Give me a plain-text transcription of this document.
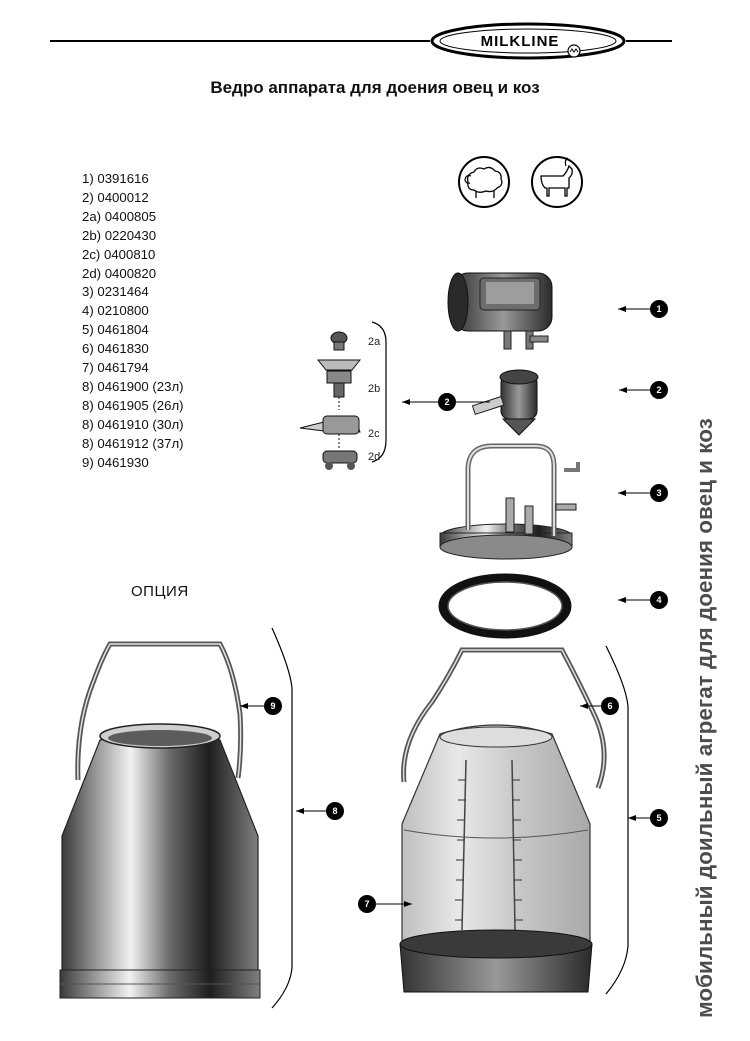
MILKLINE
2a
2b
2c
2d
1
2
2
3
4
5
6
7
8
9
Ведро аппарата для доения овец и коз
1) 0391616
2) 0400012
2a) 0400805
2b) 0220430
2c) 0400810
2d) 0400820
3) 0231464
4) 0210800
5) 0461804
6) 0461830
7) 0461794
8) 0461900 (23л)
8) 0461905 (26л)
8) 0461910 (30л)
8) 0461912 (37л)
9) 0461930
ОПЦИЯ	мобильный доильный агрегат для доения овец и коз
